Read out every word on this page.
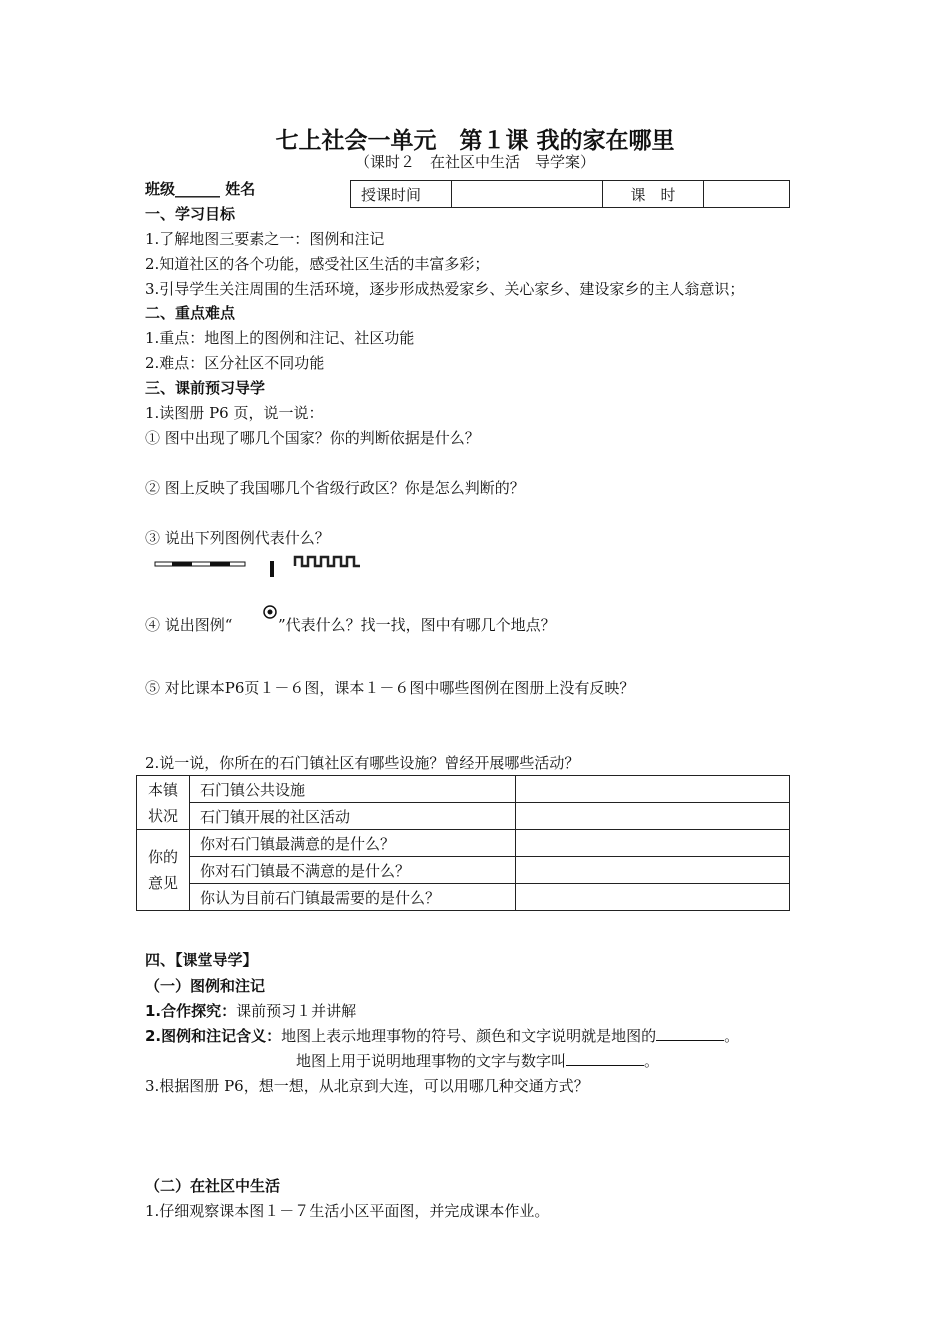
七上社会一单元　第１课 我的家在哪里
（课时２　在社区中生活　导学案）
班级______ 姓名	授课时间		课　时	
一、学习目标
1.了解地图三要素之一：图例和注记
2.知道社区的各个功能，感受社区生活的丰富多彩；
3.引导学生关注周围的生活环境，逐步形成热爱家乡、关心家乡、建设家乡的主人翁意识；
二、重点难点
1.重点：地图上的图例和注记、社区功能
2.难点：区分社区不同功能
三、课前预习导学
1.读图册 P6 页，说一说：
① 图中出现了哪几个国家？你的判断依据是什么？
② 图上反映了我国哪几个省级行政区？你是怎么判断的？
③ 说出下列图例代表什么？
④ 说出图例“	”代表什么？找一找，图中有哪几个地点？
⑤ 对比课本P6页１－６图，课本１－６图中哪些图例在图册上没有反映？
2.说一说，你所在的石门镇社区有哪些设施？曾经开展哪些活动？
本镇状况	石门镇公共设施	
	石门镇开展的社区活动	
你的意见	你对石门镇最满意的是什么？	
	你对石门镇最不满意的是什么？	
	你认为目前石门镇最需要的是什么？	
四、【课堂导学】
（一）图例和注记
1.合作探究：课前预习１并讲解
2.图例和注记含义：地图上表示地理事物的符号、颜色和文字说明就是地图的	。
地图上用于说明地理事物的文字与数字叫	。
3.根据图册 P6，想一想，从北京到大连，可以用哪几种交通方式？
（二）在社区中生活
1.仔细观察课本图１－７生活小区平面图，并完成课本作业。
